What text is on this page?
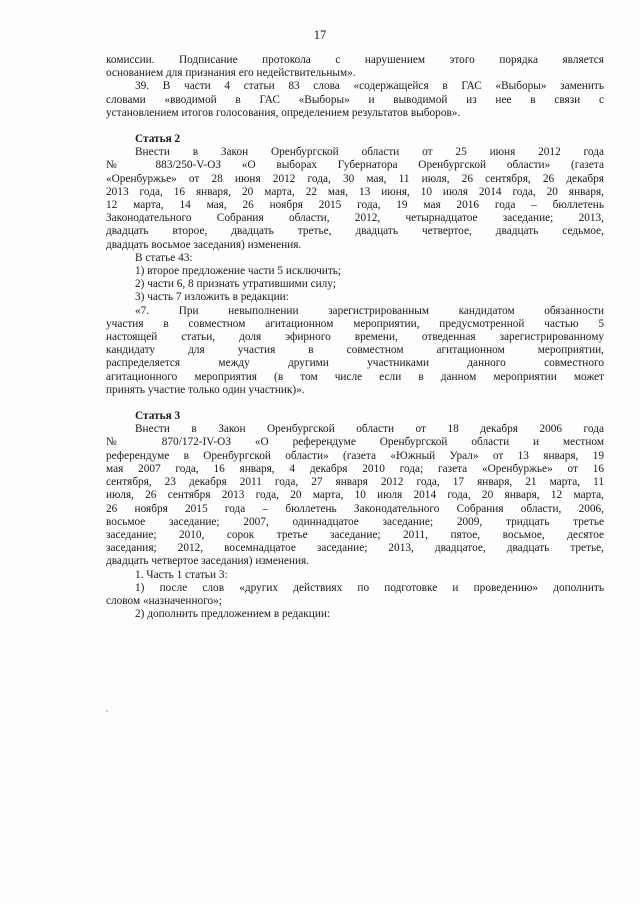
17
комиссии. Подписание протокола с нарушением этого порядка является
основанием для признания его недействительным».
39. В части 4 статьи 83 слова «содержащейся в ГАС «Выборы» заменить
словами «вводимой в ГАС «Выборы» и выводимой из нее в связи с
установлением итогов голосования, определением результатов выборов».
Статья 2
Внести в Закон Оренбургской области от 25 июня 2012 года
№ 883/250-V-ОЗ «О выборах Губернатора Оренбургской области» (газета
«Оренбуржье» от 28 июня 2012 года, 30 мая, 11 июля, 26 сентября, 26 декабря
2013 года, 16 января, 20 марта, 22 мая, 13 июня, 10 июля 2014 года, 20 января,
12 марта, 14 мая, 26 ноября 2015 года, 19 мая 2016 года – бюллетень
Законодательного Собрания области, 2012, четырнадцатое заседание; 2013,
двадцать второе, двадцать третье, двадцать четвертое, двадцать седьмое,
двадцать восьмое заседания) изменения.
В статье 43:
1) второе предложение части 5 исключить;
2) части 6, 8 признать утратившими силу;
3) часть 7 изложить в редакции:
«7. При невыполнении зарегистрированным кандидатом обязанности
участия в совместном агитационном мероприятии, предусмотренной частью 5
настоящей статьи, доля эфирного времени, отведенная зарегистрированному
кандидату для участия в совместном агитационном мероприятии,
распределяется между другими участниками данного совместного
агитационного мероприятия (в том числе если в данном мероприятии может
принять участие только один участник)».
Статья 3
Внести в Закон Оренбургской области от 18 декабря 2006 года
№ 870/172-IV-ОЗ «О референдуме Оренбургской области и местном
референдуме в Оренбургской области» (газета «Южный Урал» от 13 января, 19
мая 2007 года, 16 января, 4 декабря 2010 года; газета «Оренбуржье» от 16
сентября, 23 декабря 2011 года, 27 января 2012 года, 17 января, 21 марта, 11
июля, 26 сентября 2013 года, 20 марта, 10 июля 2014 года, 20 января, 12 марта,
26 ноября 2015 года – бюллетень Законодательного Собрания области, 2006,
восьмое заседание; 2007, одиннадцатое заседание; 2009, тридцать третье
заседание; 2010, сорок третье заседание; 2011, пятое, восьмое, десятое
заседания; 2012, восемнадцатое заседание; 2013, двадцатое, двадцать третье,
двадцать четвертое заседания) изменения.
1. Часть 1 статьи 3:
1) после слов «других действиях по подготовке и проведению» дополнить
словом «назначенного»;
2) дополнить предложением в редакции:
